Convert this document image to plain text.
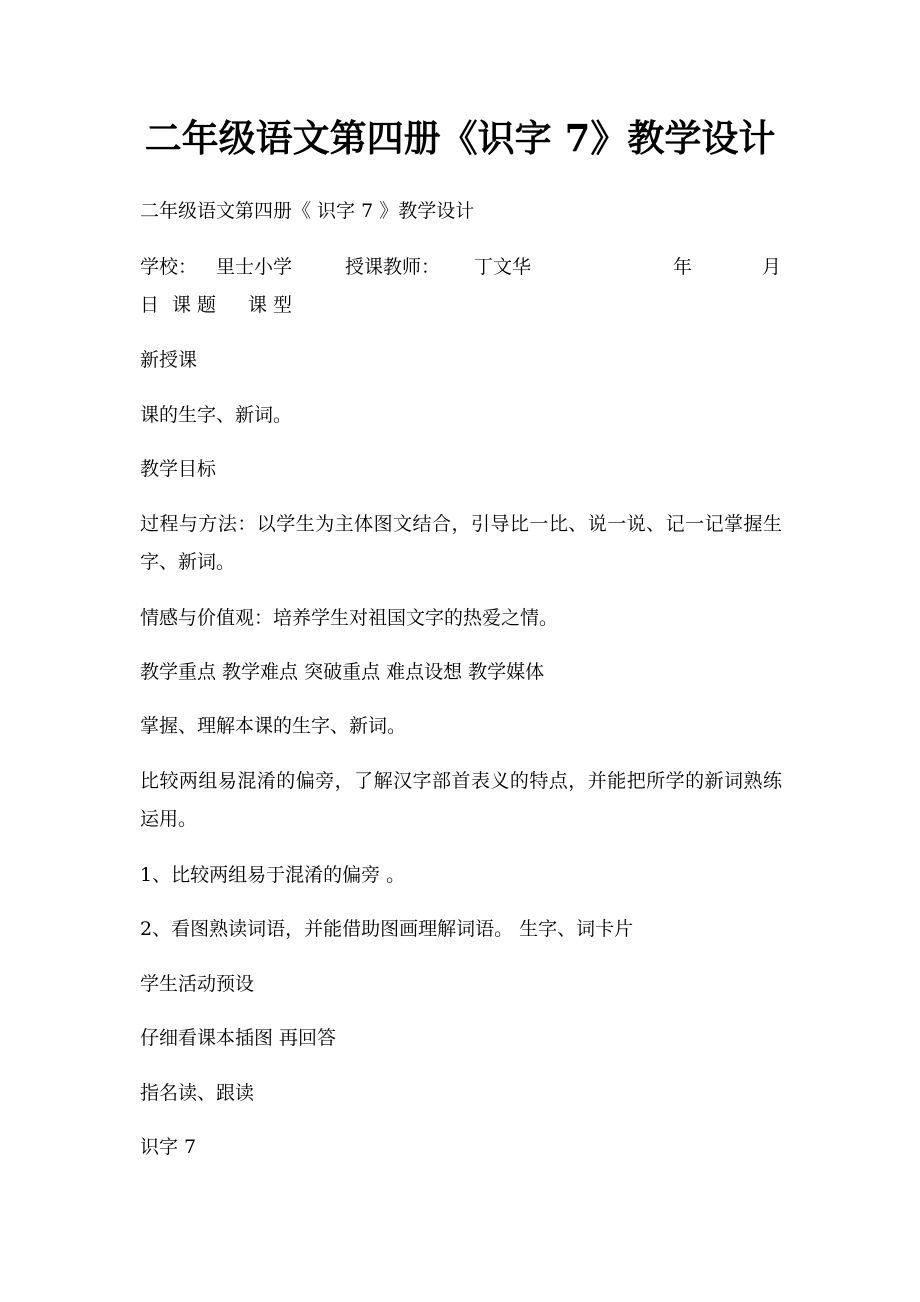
二年级语文第四册《识字 7》教学设计

二年级语文第四册《 识字 7 》教学设计

学校： 里士小学	授课教师： 丁文华	年	月
日 课 题 课 型

新授课

课的生字、新词。

教学目标

过程与方法：以学生为主体图文结合，引导比一比、说一说、记一记掌握生字、新词。

情感与价值观：培养学生对祖国文字的热爱之情。

教学重点 教学难点 突破重点 难点设想 教学媒体

掌握、理解本课的生字、新词。

比较两组易混淆的偏旁，了解汉字部首表义的特点，并能把所学的新词熟练运用。

1、比较两组易于混淆的偏旁 。

2、看图熟读词语，并能借助图画理解词语。 生字、词卡片

学生活动预设

仔细看课本插图 再回答

指名读、跟读

识字 7
